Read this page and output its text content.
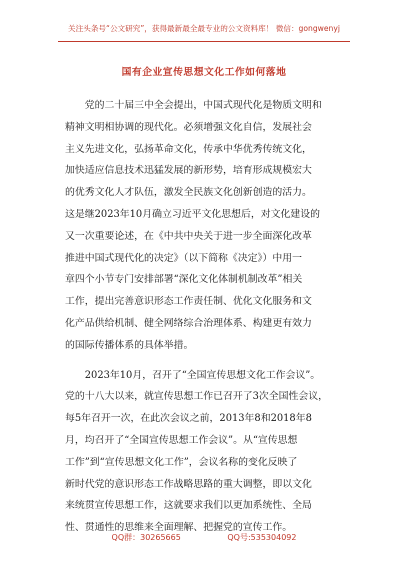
关注头条号“公文研究”，获得最新最全最专业的公文资料库！ 微信：gongwenyj
国有企业宣传思想文化工作如何落地

　　党的二十届三中全会提出，中国式现代化是物质文明和
精神文明相协调的现代化。必须增强文化自信，发展社会
主义先进文化，弘扬革命文化，传承中华优秀传统文化，
加快适应信息技术迅猛发展的新形势，培育形成规模宏大
的优秀文化人才队伍，激发全民族文化创新创造的活力。
这是继2023年10月确立习近平文化思想后，对文化建设的
又一次重要论述，在《中共中央关于进一步全面深化改革
推进中国式现代化的决定》（以下简称《决定》）中用一
章四个小节专门安排部署“深化文化体制机制改革”相关
工作，提出完善意识形态工作责任制、优化文化服务和文
化产品供给机制、健全网络综合治理体系、构建更有效力
的国际传播体系的具体举措。

　　2023年10月，召开了“全国宣传思想文化工作会议”。
党的十八大以来，就宣传思想工作已召开了3次全国性会议，
每5年召开一次，在此次会议之前，2013年8和2018年8
月，均召开了“全国宣传思想工作会议”。从“宣传思想
工作”到“宣传思想文化工作”，会议名称的变化反映了
新时代党的意识形态工作战略思路的重大调整，即以文化
来统贯宣传思想工作，这就要求我们以更加系统性、全局
性、贯通性的思维来全面理解、把握党的宣传工作。

QQ群：30265665	QQ号:535304092
